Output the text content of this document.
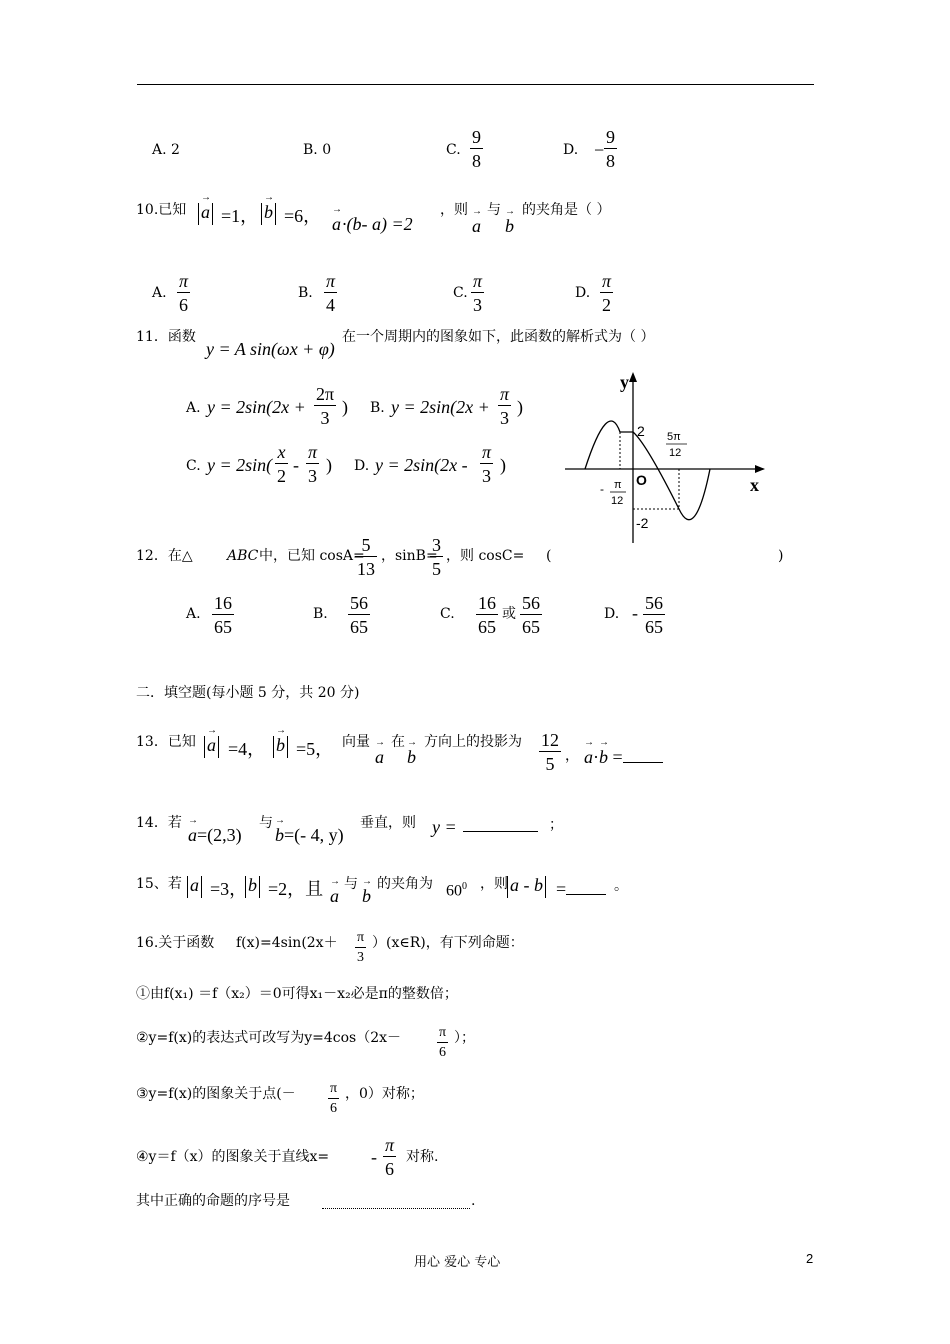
A. 2	B. 0	C. $\frac{9}{8}$	D. − $\frac{9}{8}$
10.已知 → a =1， → b =6， → a ·(b- a) =2
，则
→ a
与
→ b
的夹角是（ ）
A. $\frac{\pi}{6}$	B. $\frac{\pi}{4}$	C. $\frac{\pi}{3}$	D. $\frac{\pi}{2}$
11．函数
y = A sin(ωx + φ)
在一个周期内的图象如下，此函数的解析式为（ ）
A. $y = 2\sin(2x + \frac{2\pi}{3}$ ) B. $y = 2\sin(2x + \frac{\pi}{3}$ )
C. $y = 2\sin( \frac{x}{2} - \frac{\pi}{3}$ ) D. $y = 2\sin(2x - \frac{\pi}{3}$ )
y
x
O
2
-2
5π
12
- π
12
12．在△ ABC 中，已知 cosA=
$\frac{5}{13}$ ，sinB=
$\frac{3}{5}$ ，则 cosC= (	)
A. $\frac{16}{65}$	B. $\frac{56}{65}$	C. $\frac{16}{65}$ 或 $\frac{56}{65}$	D. - $\frac{56}{65}$
二．填空题(每小题 5 分，共 20 分)
13．已知 → a =4， → b =5， 向量
→ a
在
→ b
方向上的投影为 $\frac{12}{5}$ ， → a·→ b =
14．若
→ a=(2,3)
与
→ b=(- 4, y)
垂直，则 y =	；
15、若 a =3， b =2，且 → a
与
→ b
的夹角为 $60^0$ ，则 a - b =	。
16.关于函数 $f(x)=4\sin(2x+ \frac{\pi}{3}$ ）(x∈R)，有下列命题：
①由f(x₁) ＝f（x₂）＝0可得x₁－x₂必是π的整数倍；
②y=f(x)的表达式可改写为y=4cos（2x－	$\frac{\pi}{6}$ ）；
③y=f(x)的图象关于点(－ $\frac{\pi}{6}$ ，0）对称；
④y＝f（x）的图象关于直线$x= - \frac{\pi}{6}$ 对称.
其中正确的命题的序号是	.
用心 爱心 专心	2
